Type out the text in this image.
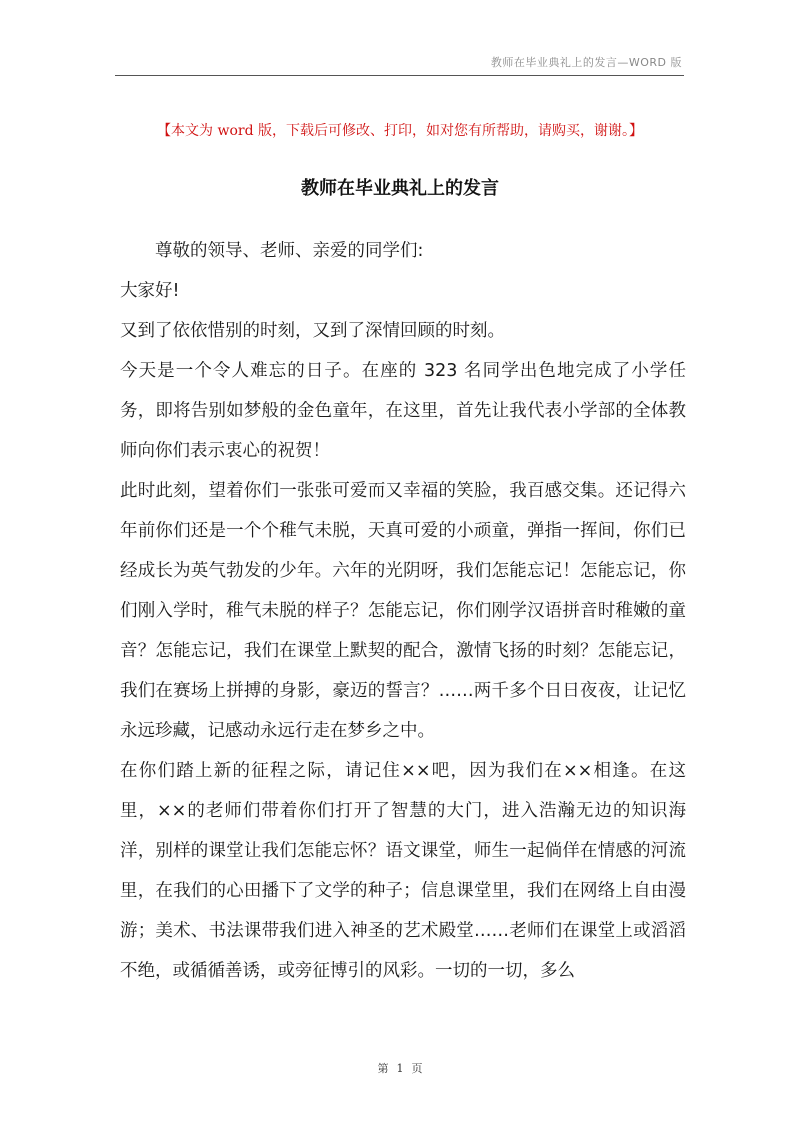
教师在毕业典礼上的发言—WORD 版
【本文为 word 版，下载后可修改、打印，如对您有所帮助，请购买，谢谢。】
教师在毕业典礼上的发言

尊敬的领导、老师、亲爱的同学们:

大家好!

又到了依依惜别的时刻，又到了深情回顾的时刻。

今天是一个令人难忘的日子。在座的 323 名同学出色地完成了小学任务，即将告别如梦般的金色童年，在这里，首先让我代表小学部的全体教师向你们表示衷心的祝贺！

此时此刻，望着你们一张张可爱而又幸福的笑脸，我百感交集。还记得六年前你们还是一个个稚气未脱，天真可爱的小顽童，弹指一挥间，你们已经成长为英气勃发的少年。六年的光阴呀，我们怎能忘记！怎能忘记，你们刚入学时，稚气未脱的样子？怎能忘记，你们刚学汉语拼音时稚嫩的童音？怎能忘记，我们在课堂上默契的配合，激情飞扬的时刻？怎能忘记，我们在赛场上拼搏的身影，豪迈的誓言？……两千多个日日夜夜，让记忆永远珍藏，记感动永远行走在梦乡之中。

在你们踏上新的征程之际，请记住××吧，因为我们在××相逢。在这里，××的老师们带着你们打开了智慧的大门，进入浩瀚无边的知识海洋，别样的课堂让我们怎能忘怀？语文课堂，师生一起倘佯在情感的河流里，在我们的心田播下了文学的种子；信息课堂里，我们在网络上自由漫游；美术、书法课带我们进入神圣的艺术殿堂……老师们在课堂上或滔滔不绝，或循循善诱，或旁征博引的风彩。一切的一切，多么

第 1 页
